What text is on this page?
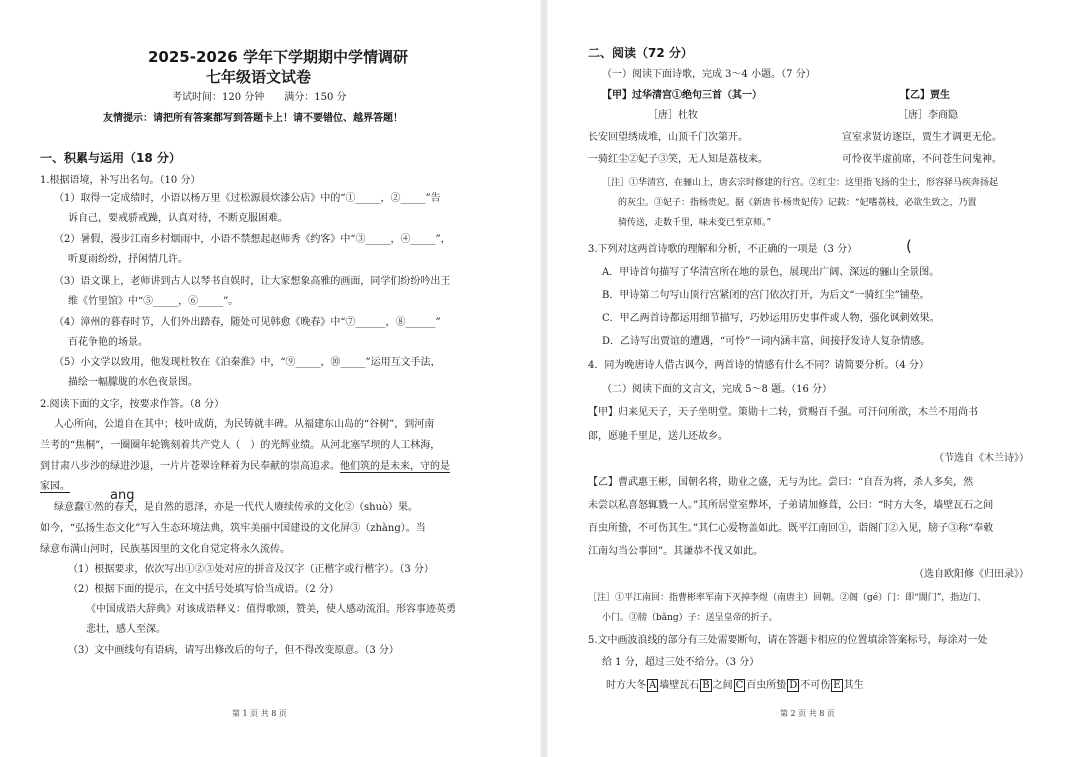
2025-2026 学年下学期期中学情调研
七年级语文试卷
考试时间：120 分钟　　满分：150 分
友情提示：请把所有答案都写到答题卡上！请不要错位、越界答题！
一、积累与运用（18 分）
1.根据语境，补写出名句。（10 分）
（1）取得一定成绩时，小语以杨万里《过松源晨炊漆公店》中的“①_____，②_____”告
诉自己，要戒骄戒躁，认真对待，不断克服困难。
（2）暑假，漫步江南乡村烟雨中，小语不禁想起赵师秀《约客》中“③_____，④_____”，
听夏雨纷纷，抒闲情几许。
（3）语文课上，老师讲到古人以琴书自娱时，让大家想象高雅的画面，同学们纷纷吟出王
维《竹里馆》中“⑤_____，⑥_____”。
（4）漳州的暮春时节，人们外出踏春，随处可见韩愈《晚春》中“⑦______，⑧______”
百花争艳的场景。
（5）小文学以致用，他发现杜牧在《泊秦淮》中，“⑨_____，⑩_____”运用互文手法，
描绘一幅朦胧的水色夜景图。
2.阅读下面的文字，按要求作答。（8 分）
人心所向，公道自在其中；枝叶成荫，为民铸就丰碑。从福建东山岛的“谷树”，到河南
兰考的“焦桐”，一圈圈年轮镌刻着共产党人（　）的光辉业绩。从河北塞罕坝的人工林海，
到甘肃八步沙的绿进沙退，一片片苍翠诠释着为民奉献的崇高追求。他们筑的是未来，守的是
家园。
ang
绿意蠢①然的春天，是自然的恩泽，亦是一代代人赓续传承的文化②（shuò）果。
如今，“弘扬生态文化”写入生态环境法典，筑牢美丽中国建设的文化屏③（zhàng）。当
绿意布满山河时，民族基因里的文化自觉定将永久流传。
（1）根据要求，依次写出①②③处对应的拼音及汉字（正楷字或行楷字）。（3 分）
（2）根据下面的提示，在文中括号处填写恰当成语。（2 分）
《中国成语大辞典》对该成语释义：值得歌颂，赞美，使人感动流泪。形容事迹英勇
悲壮，感人至深。
（3）文中画线句有语病，请写出修改后的句子，但不得改变原意。（3 分）
第 1 页 共 8 页
二、阅读（72 分）
（一）阅读下面诗歌，完成 3～4 小题。（7 分）
【甲】过华清宫①绝句三首（其一）
［唐］杜牧
长安回望绣成堆，山顶千门次第开。
一骑红尘②妃子③笑，无人知是荔枝来。
【乙】贾生
［唐］李商隐
宣室求贤访逐臣，贾生才调更无伦。
可怜夜半虚前席，不问苍生问鬼神。
［注］①华清宫，在骊山上，唐玄宗时修建的行宫。②红尘：这里指飞扬的尘土，形容驿马疾奔扬起
的灰尘。③妃子：指杨贵妃。据《新唐书·杨贵妃传》记载：“妃嗜荔枝，必欲生致之，乃置
骑传送，走数千里，味未变已至京师。”
3.下列对这两首诗歌的理解和分析，不正确的一项是（3 分）	(
A．甲诗首句描写了华清宫所在地的景色，展现出广阔、深远的骊山全景图。
B．甲诗第二句写山顶行宫紧闭的宫门依次打开，为后文“一骑红尘”铺垫。
C．甲乙两首诗都运用细节描写，巧妙运用历史事件或人物，强化讽刺效果。
D．乙诗写出贾谊的遭遇，“可怜”一词内涵丰富，间接抒发诗人复杂情感。
4．同为晚唐诗人借古讽今，两首诗的情感有什么不同？请简要分析。（4 分）
（二）阅读下面的文言文，完成 5～8 题。（16 分）
【甲】归来见天子，天子坐明堂。策勋十二转，赏赐百千强。可汗问所欲，木兰不用尚书
郎，愿驰千里足，送儿还故乡。
（节选自《木兰诗》）
【乙】曹武惠王彬，国朝名将，勋业之盛，无与为比。尝曰：“自吾为将，杀人多矣，然
未尝以私喜怒辄戮一人。”其所居堂室弊坏，子弟请加修葺，公曰：“时方大冬，墙壁瓦石之间
百虫所蛰，不可伤其生。”其仁心爱物盖如此。既平江南回①，诣阁门②入见，牓子③称“奉敕
江南勾当公事回”。其谦恭不伐又如此。
（选自欧阳修《归田录》）
［注］①平江南回：指曹彬率军南下灭掉李煜（南唐主）回朝。②阁（gé）门：即“閤门”，指边门、
小门。③牓（bǎng）子：送呈皇帝的折子。
5.文中画波浪线的部分有三处需要断句，请在答题卡相应的位置填涂答案标号，每涂对一处
给 1 分，超过三处不给分。（3 分）
时方大冬 A 墙壁瓦石 B 之间 C 百虫所蛰 D 不可伤 E 其生
第 2 页 共 8 页
